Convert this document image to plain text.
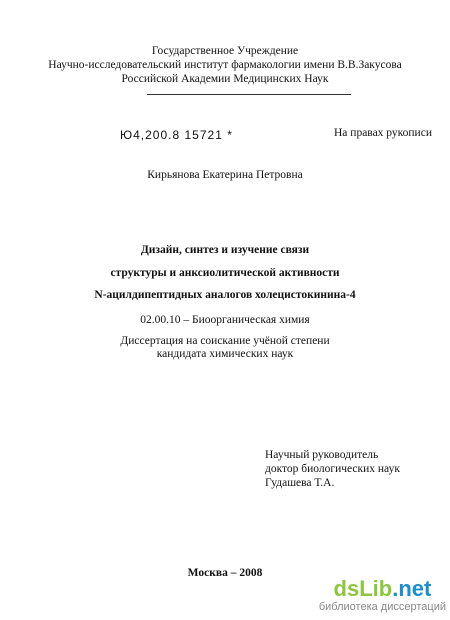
Государственное Учреждение
Научно-исследовательский институт фармакологии имени В.В.Закусова
Российской Академии Медицинских Наук
Ю4,200.8 15721 *	На правах рукописи
Кирьянова Екатерина Петровна
Дизайн, синтез и изучение связи
структуры и анксиолитической активности
N-ацилдипептидных аналогов холецистокинина-4
02.00.10 – Биоорганическая химия
Диссертация на соискание учёной степени
кандидата химических наук
Научный руководитель
доктор биологических наук
Гудашева Т.А.
Москва – 2008
dsLib.net
библиотека диссертаций
